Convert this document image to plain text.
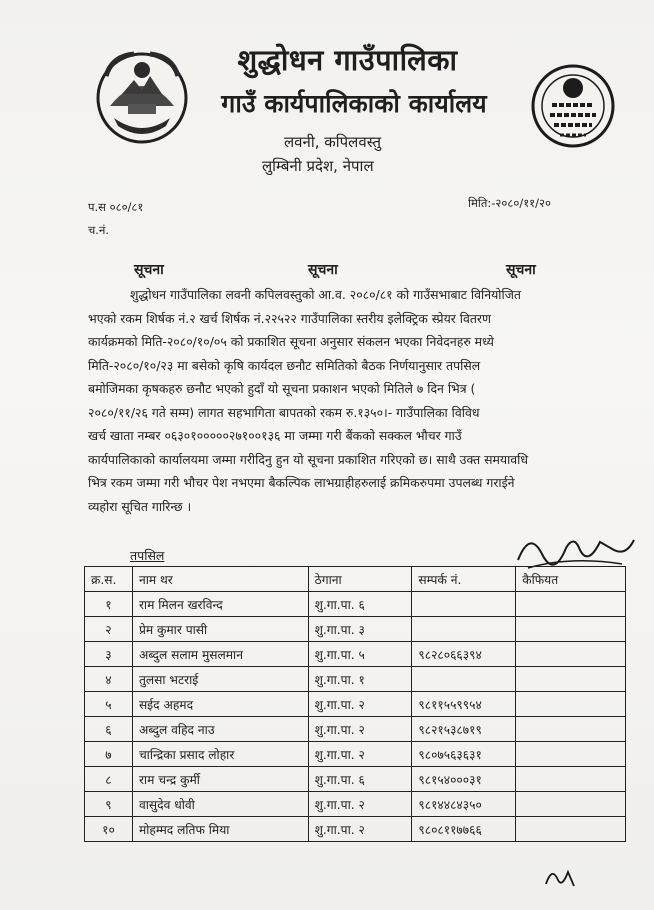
शुद्धोधन गाउँपालिका
गाउँ कार्यपालिकाको कार्यालय
लवनी, कपिलवस्तु
लुम्बिनी प्रदेश, नेपाल
प.स ०८०/८१
च.नं.
मिति:-२०८०/११/२०
सूचना	सूचना	सूचना
शुद्धोधन गाउँपालिका लवनी कपिलवस्तुको आ.व. २०८०/८१ को गाउँसभाबाट विनियोजित
भएको रकम शिर्षक नं.२ खर्च शिर्षक नं.२२५२२ गाउँपालिका स्तरीय इलेक्ट्रिक स्प्रेयर वितरण
कार्यक्रमको मिति-२०८०/१०/०५ को प्रकाशित सूचना अनुसार संकलन भएका निवेदनहरु मध्ये
मिति-२०८०/१०/२३ मा बसेको कृषि कार्यदल छनौट समितिको बैठक निर्णयानुसार तपसिल
बमोजिमका कृषकहरु छनौट भएको हुदाँ यो सूचना प्रकाशन भएको मितिले ७ दिन भित्र (
२०८०/११/२६ गते सम्म) लागत सहभागिता बापतको रकम रु.१३५०।- गाउँपालिका विविध
खर्च खाता नम्बर ०६३०१०००००२७१००१३६ मा जम्मा गरी बैंकको सक्कल भौचर गाउँ
कार्यपालिकाको कार्यालयमा जम्मा गरीदिनु हुन यो सूचना प्रकाशित गरिएको छ। साथै उक्त समयावधि
भित्र रकम जम्मा गरी भौचर पेश नभएमा बैकल्पिक लाभग्राहीहरुलाई क्रमिकरुपमा उपलब्ध गराईने
व्यहोरा सूचित गारिन्छ ।
तपसिल
क्र.स.	नाम थर	ठेगाना	सम्पर्क नं.	कैफियत
१	राम मिलन खरविन्द	शु.गा.पा. ६		
२	प्रेम कुमार पासी	शु.गा.पा. ३		
३	अब्दुल सलाम मुसलमान	शु.गा.पा. ५	९८२८०६६३९४	
४	तुलसा भटराई	शु.गा.पा. १		
५	सईद अहमद	शु.गा.पा. २	९८११५५९९५४	
६	अब्दुल वहिद नाउ	शु.गा.पा. २	९८२१५३८७१९	
७	चान्द्रिका प्रसाद लोहार	शु.गा.पा. २	९८०७५६३६३१	
८	राम चन्द्र कुर्मी	शु.गा.पा. ६	९८१५४०००३१	
९	वासुदेव धोवी	शु.गा.पा. २	९८१४४८४३५०	
१०	मोहम्मद लतिफ मिया	शु.गा.पा. २	९८०८११७७६६	
